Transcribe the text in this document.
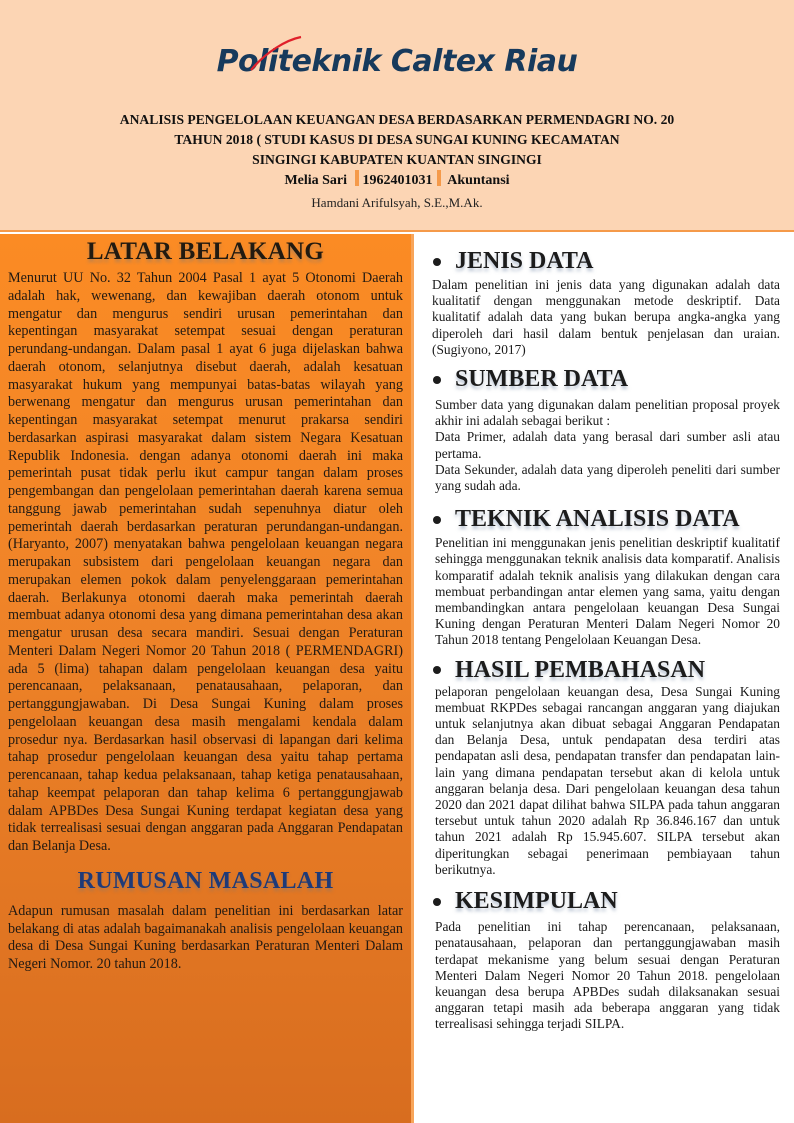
Politeknik Caltex Riau
ANALISIS PENGELOLAAN KEUANGAN DESA BERDASARKAN PERMENDAGRI NO. 20
TAHUN 2018 ( STUDI KASUS DI DESA SUNGAI KUNING KECAMATAN
SINGINGI KABUPATEN KUANTAN SINGINGI
Melia Sari 1962401031 Akuntansi
Hamdani Arifulsyah, S.E.,M.Ak.
LATAR BELAKANG

Menurut UU No. 32 Tahun 2004 Pasal 1 ayat 5 Otonomi Daerah adalah hak, wewenang, dan kewajiban daerah otonom untuk mengatur dan mengurus sendiri urusan pemerintahan dan kepentingan masyarakat setempat sesuai dengan peraturan perundang-undangan. Dalam pasal 1 ayat 6 juga dijelaskan bahwa daerah otonom, selanjutnya disebut daerah, adalah kesatuan masyarakat hukum yang mempunyai batas-batas wilayah yang berwenang mengatur dan mengurus urusan pemerintahan dan kepentingan masyarakat setempat menurut prakarsa sendiri berdasarkan aspirasi masyarakat dalam sistem Negara Kesatuan Republik Indonesia. dengan adanya otonomi daerah ini maka pemerintah pusat tidak perlu ikut campur tangan dalam proses pengembangan dan pengelolaan pemerintahan daerah karena semua tanggung jawab pemerintahan sudah sepenuhnya diatur oleh pemerintah daerah berdasarkan peraturan perundangan-undangan. (Haryanto, 2007) menyatakan bahwa pengelolaan keuangan negara merupakan subsistem dari pengelolaan keuangan negara dan merupakan elemen pokok dalam penyelenggaraan pemerintahan daerah. Berlakunya otonomi daerah maka pemerintah daerah membuat adanya otonomi desa yang dimana pemerintahan desa akan mengatur urusan desa secara mandiri. Sesuai dengan Peraturan Menteri Dalam Negeri Nomor 20 Tahun 2018 ( PERMENDAGRI) ada 5 (lima) tahapan dalam pengelolaan keuangan desa yaitu perencanaan, pelaksanaan, penatausahaan, pelaporan, dan pertanggungjawaban. Di Desa Sungai Kuning dalam proses pengelolaan keuangan desa masih mengalami kendala dalam prosedur nya. Berdasarkan hasil observasi di lapangan dari kelima tahap prosedur pengelolaan keuangan desa yaitu tahap pertama perencanaan, tahap kedua pelaksanaan, tahap ketiga penatausahaan, tahap keempat pelaporan dan tahap kelima 6 pertanggungjawab dalam APBDes Desa Sungai Kuning terdapat kegiatan desa yang tidak terrealisasi sesuai dengan anggaran pada Anggaran Pendapatan dan Belanja Desa.

RUMUSAN MASALAH

Adapun rumusan masalah dalam penelitian ini berdasarkan latar belakang di atas adalah bagaimanakah analisis pengelolaan keuangan desa di Desa Sungai Kuning berdasarkan Peraturan Menteri Dalam Negeri Nomor. 20 tahun 2018.

JENIS DATA

Dalam penelitian ini jenis data yang digunakan adalah data kualitatif dengan menggunakan metode deskriptif. Data kualitatif adalah data yang bukan berupa angka-angka yang diperoleh dari hasil dalam bentuk penjelasan dan uraian.(Sugiyono, 2017)

SUMBER DATA
Sumber data yang digunakan dalam penelitian proposal proyek akhir ini adalah sebagai berikut :
Data Primer, adalah data yang berasal dari sumber asli atau pertama.
Data Sekunder, adalah data yang diperoleh peneliti dari sumber yang sudah ada.
TEKNIK ANALISIS DATA

Penelitian ini menggunakan jenis penelitian deskriptif kualitatif sehingga menggunakan teknik analisis data komparatif. Analisis komparatif adalah teknik analisis yang dilakukan dengan cara membuat perbandingan antar elemen yang sama, yaitu dengan membandingkan antara pengelolaan keuangan Desa Sungai Kuning dengan Peraturan Menteri Dalam Negeri Nomor 20 Tahun 2018 tentang Pengelolaan Keuangan Desa.

HASIL PEMBAHASAN

pelaporan pengelolaan keuangan desa, Desa Sungai Kuning membuat RKPDes sebagai rancangan anggaran yang diajukan untuk selanjutnya akan dibuat sebagai Anggaran Pendapatan dan Belanja Desa, untuk pendapatan desa terdiri atas pendapatan asli desa, pendapatan transfer dan pendapatan lain-lain yang dimana pendapatan tersebut akan di kelola untuk anggaran belanja desa. Dari pengelolaan keuangan desa tahun 2020 dan 2021 dapat dilihat bahwa SILPA pada tahun anggaran tersebut untuk tahun 2020 adalah Rp 36.846.167 dan untuk tahun 2021 adalah Rp 15.945.607. SILPA tersebut akan diperitungkan sebagai penerimaan pembiayaan tahun berikutnya.

KESIMPULAN

Pada penelitian ini tahap perencanaan, pelaksanaan, penatausahaan, pelaporan dan pertanggungjawaban masih terdapat mekanisme yang belum sesuai dengan Peraturan Menteri Dalam Negeri Nomor 20 Tahun 2018. pengelolaan keuangan desa berupa APBDes sudah dilaksanakan sesuai anggaran tetapi masih ada beberapa anggaran yang tidak terrealisasi sehingga terjadi SILPA.
